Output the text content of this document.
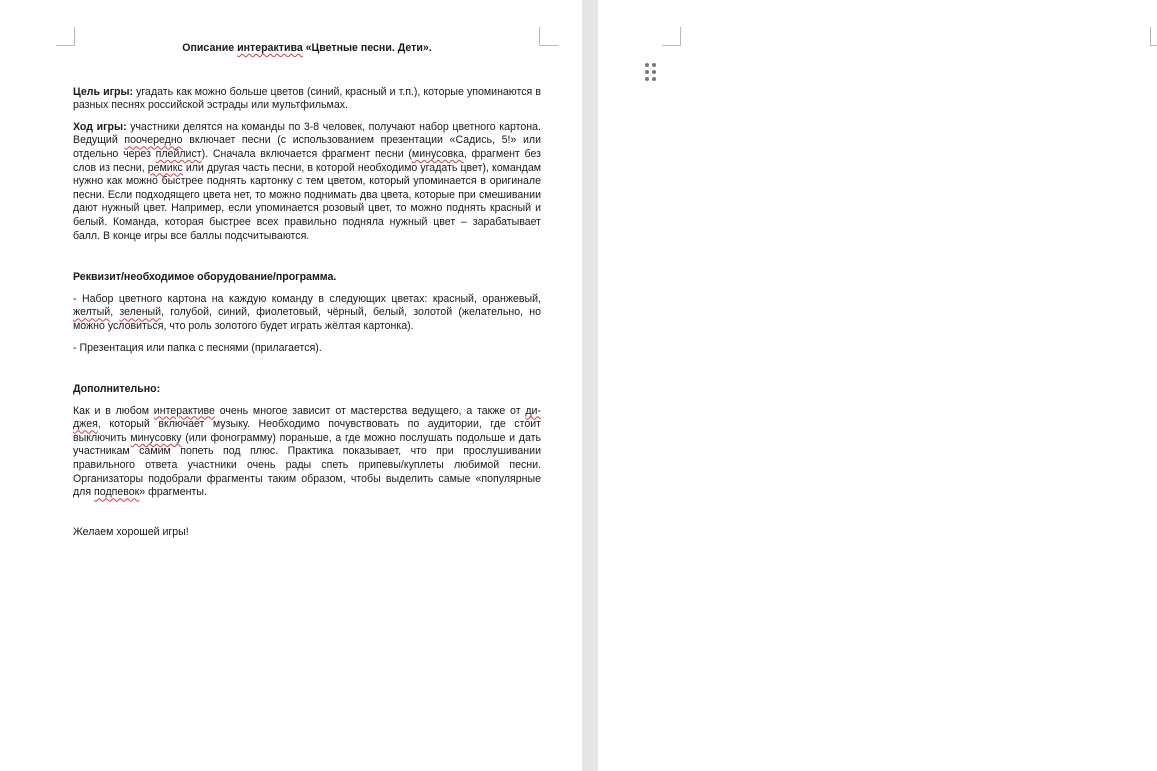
Описание интерактива «Цветные песни. Дети».
Цель игры: угадать как можно больше цветов (синий, красный и т.п.), которые упоминаются в разных песнях российской эстрады или мультфильмах.
Ход игры: участники делятся на команды по 3-8 человек, получают набор цветного картона. Ведущий поочередно включает песни (с использованием презентации «Садись, 5!» или отдельно через плейлист). Сначала включается фрагмент песни (минусовка, фрагмент без слов из песни, ремикс или другая часть песни, в которой необходимо угадать цвет), командам нужно как можно быстрее поднять картонку с тем цветом, который упоминается в оригинале песни. Если подходящего цвета нет, то можно поднимать два цвета, которые при смешивании дают нужный цвет. Например, если упоминается розовый цвет, то можно поднять красный и белый. Команда, которая быстрее всех правильно подняла нужный цвет – зарабатывает балл. В конце игры все баллы подсчитываются.
Реквизит/необходимое оборудование/программа.
- Набор цветного картона на каждую команду в следующих цветах: красный, оранжевый, желтый, зеленый, голубой, синий, фиолетовый, чёрный, белый, золотой (желательно, но можно условиться, что роль золотого будет играть жёлтая картонка).
- Презентация или папка с песнями (прилагается).
Дополнительно:
Как и в любом интерактиве очень многое зависит от мастерства ведущего, а также от ди-джея, который включает музыку. Необходимо почувствовать по аудитории, где стоит выключить минусовку (или фонограмму) пораньше, а где можно послушать подольше и дать участникам самим попеть под плюс. Практика показывает, что при прослушивании правильного ответа участники очень рады спеть припевы/куплеты любимой песни. Организаторы подобрали фрагменты таким образом, чтобы выделить самые «популярные для подпевок» фрагменты.
Желаем хорошей игры!
